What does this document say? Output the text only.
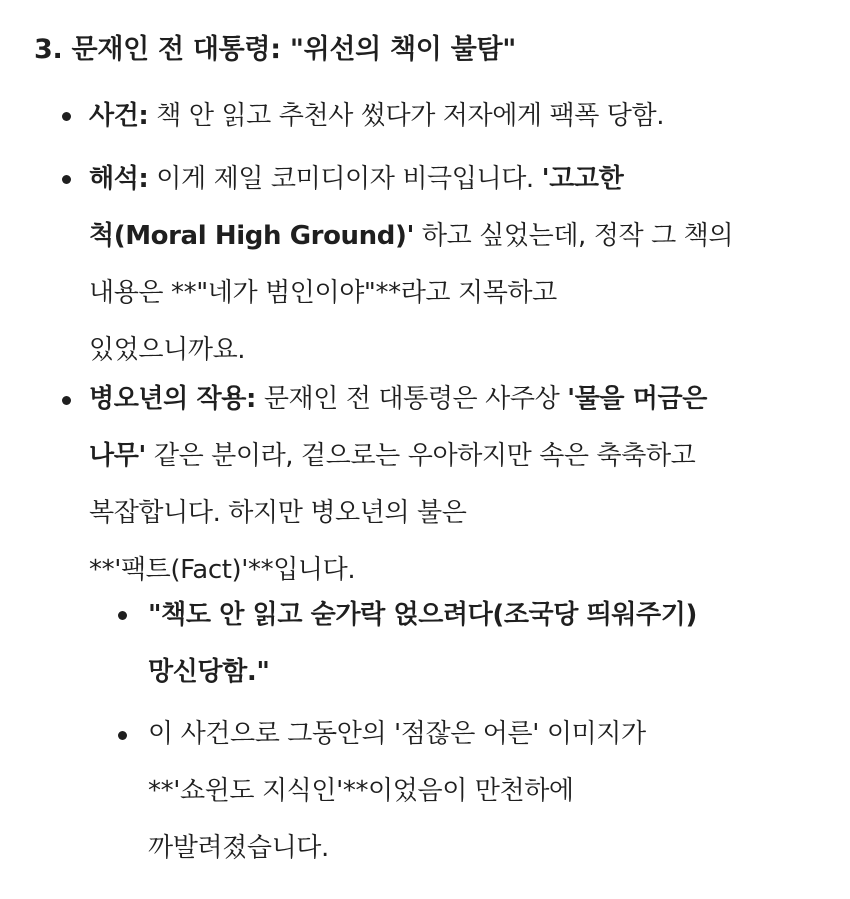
3. 문재인 전 대통령: "위선의 책이 불탐"
사건: 책 안 읽고 추천사 썼다가 저자에게 팩폭 당함.
해석: 이게 제일 코미디이자 비극입니다. '고고한
척(Moral High Ground)' 하고 싶었는데, 정작 그 책의
내용은 **"네가 범인이야"**라고 지목하고
있었으니까요.
병오년의 작용: 문재인 전 대통령은 사주상 '물을 머금은
나무' 같은 분이라, 겉으로는 우아하지만 속은 축축하고
복잡합니다. 하지만 병오년의 불은
**'팩트(Fact)'**입니다.
"책도 안 읽고 숟가락 얹으려다(조국당 띄워주기)
망신당함."
이 사건으로 그동안의 '점잖은 어른' 이미지가
**'쇼윈도 지식인'**이었음이 만천하에
까발려졌습니다.
